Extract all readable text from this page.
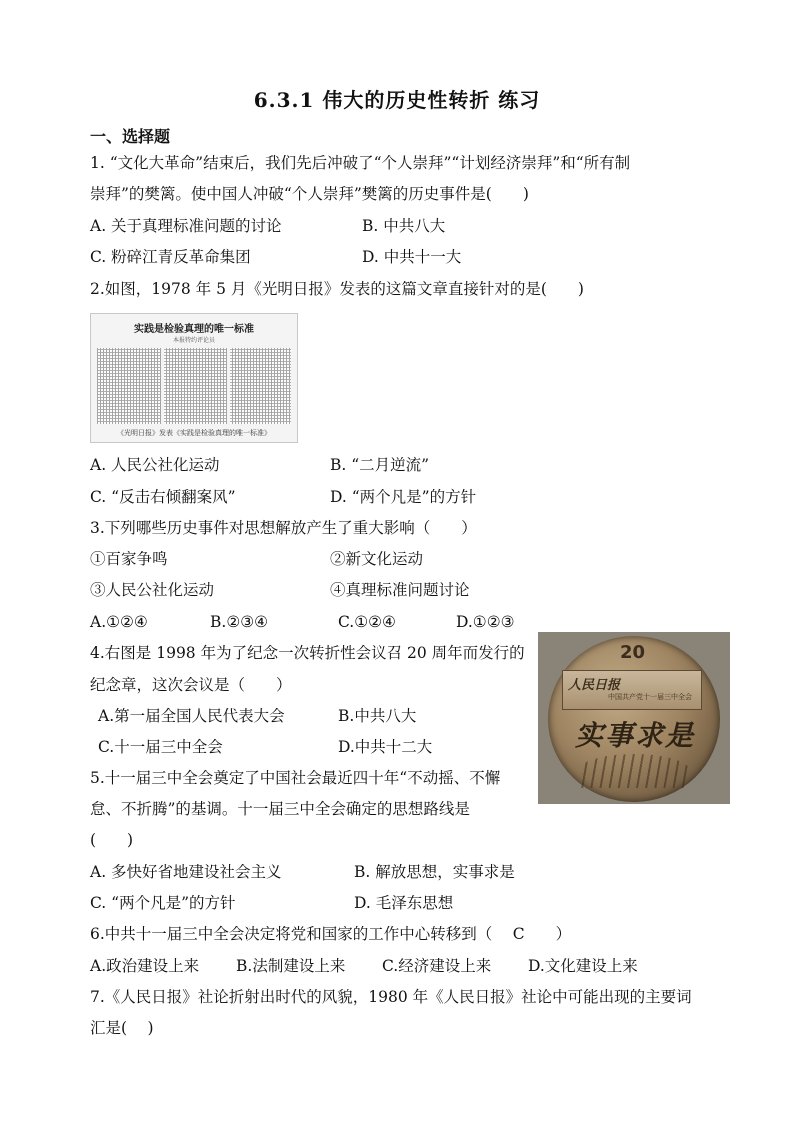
6.3.1 伟大的历史性转折 练习
一、选择题
1. “文化大革命”结束后，我们先后冲破了“个人崇拜”“计划经济崇拜”和“所有制
崇拜”的樊篱。使中国人冲破“个人崇拜”樊篱的历史事件是(　　)
A. 关于真理标准问题的讨论	B. 中共八大
C. 粉碎江青反革命集团	D. 中共十一大
2.如图，1978 年 5 月《光明日报》发表的这篇文章直接针对的是(　　)
实践是检验真理的唯一标准
本报特约评论员
《光明日报》发表《实践是检验真理的唯一标准》
A. 人民公社化运动	B. “二月逆流”
C. “反击右倾翻案风”	D. “两个凡是”的方针
3.下列哪些历史事件对思想解放产生了重大影响（　　）
①百家争鸣	②新文化运动
③人民公社化运动	④真理标准问题讨论
A.①②④	B.②③④	C.①②④	D.①②③
4.右图是 1998 年为了纪念一次转折性会议召 20 周年而发行的
纪念章，这次会议是（　　）
A.第一届全国人民代表大会	B.中共八大
C.十一届三中全会	D.中共十二大
20
人民日报
中国共产党十一届三中全会
实事求是
5.十一届三中全会奠定了中国社会最近四十年“不动摇、不懈
怠、不折腾”的基调。十一届三中全会确定的思想路线是
(　　)
A. 多快好省地建设社会主义	B. 解放思想，实事求是
C. “两个凡是”的方针	D. 毛泽东思想
6.中共十一届三中全会决定将党和国家的工作中心转移到（　 C　　）
A.政治建设上来 B.法制建设上来 C.经济建设上来 D.文化建设上来
7.《人民日报》社论折射出时代的风貌，1980 年《人民日报》社论中可能出现的主要词
汇是(　 )
